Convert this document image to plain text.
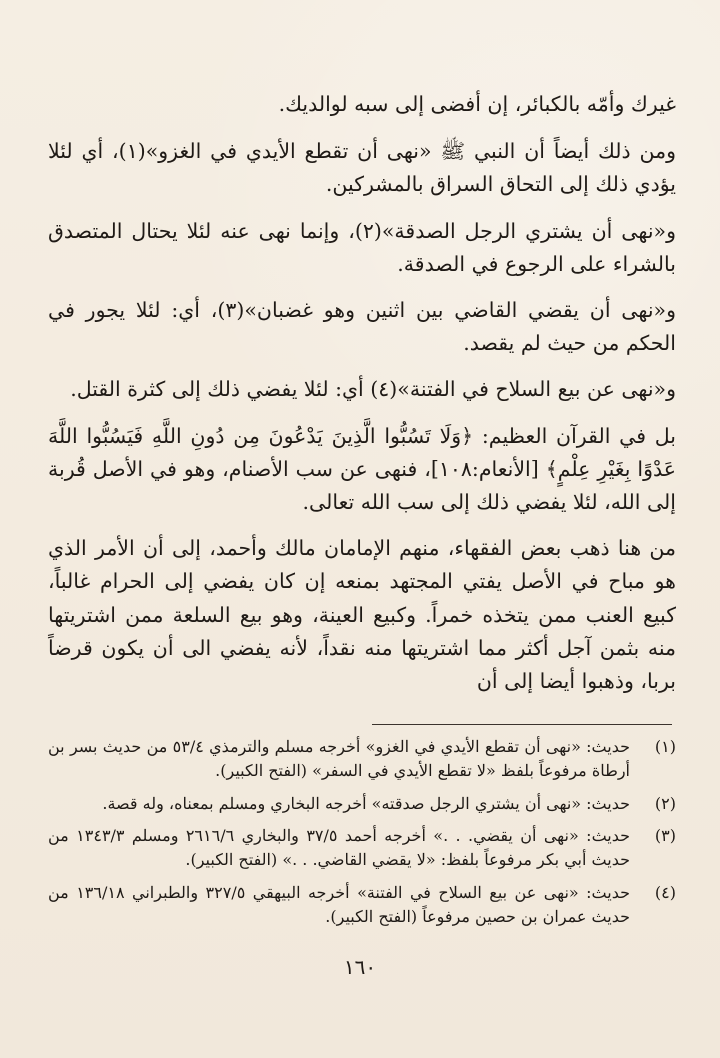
غيرك وأمّه بالكبائر، إن أفضى إلى سبه لوالديك.

ومن ذلك أيضاً أن النبي ﷺ «نهى أن تقطع الأيدي في الغزو»(١)، أي لئلا يؤدي ذلك إلى التحاق السراق بالمشركين.

و«نهى أن يشتري الرجل الصدقة»(٢)، وإنما نهى عنه لئلا يحتال المتصدق بالشراء على الرجوع في الصدقة.

و«نهى أن يقضي القاضي بين اثنين وهو غضبان»(٣)، أي: لئلا يجور في الحكم من حيث لم يقصد.

و«نهى عن بيع السلاح في الفتنة»(٤) أي: لئلا يفضي ذلك إلى كثرة القتل.

بل في القرآن العظيم: ﴿وَلَا تَسُبُّوا الَّذِينَ يَدْعُونَ مِن دُونِ اللَّهِ فَيَسُبُّوا اللَّهَ عَدْوًا بِغَيْرِ عِلْمٍ﴾ [الأنعام:١٠٨]، فنهى عن سب الأصنام، وهو في الأصل قُربة إلى الله، لئلا يفضي ذلك إلى سب الله تعالى.

من هنا ذهب بعض الفقهاء، منهم الإمامان مالك وأحمد، إلى أن الأمر الذي هو مباح في الأصل يفتي المجتهد بمنعه إن كان يفضي إلى الحرام غالباً، كبيع العنب ممن يتخذه خمراً. وكبيع العينة، وهو بيع السلعة ممن اشتريتها منه بثمن آجل أكثر مما اشتريتها منه نقداً، لأنه يفضي الى أن يكون قرضاً بربا، وذهبوا أيضا إلى أن

(١)
حديث: «نهى أن تقطع الأيدي في الغزو» أخرجه مسلم والترمذي ٥٣/٤ من حديث بسر بن أرطاة مرفوعاً بلفظ «لا تقطع الأيدي في السفر» (الفتح الكبير).
(٢)
حديث: «نهى أن يشتري الرجل صدقته» أخرجه البخاري ومسلم بمعناه، وله قصة.
(٣)
حديث: «نهى أن يقضي. . .» أخرجه أحمد ٣٧/٥ والبخاري ٢٦١٦/٦ ومسلم ١٣٤٣/٣ من حديث أبي بكر مرفوعاً بلفظ: «لا يقضي القاضي. . .» (الفتح الكبير).
(٤)
حديث: «نهى عن بيع السلاح في الفتنة» أخرجه البيهقي ٣٢٧/٥ والطبراني ١٣٦/١٨ من حديث عمران بن حصين مرفوعاً (الفتح الكبير).
١٦٠
